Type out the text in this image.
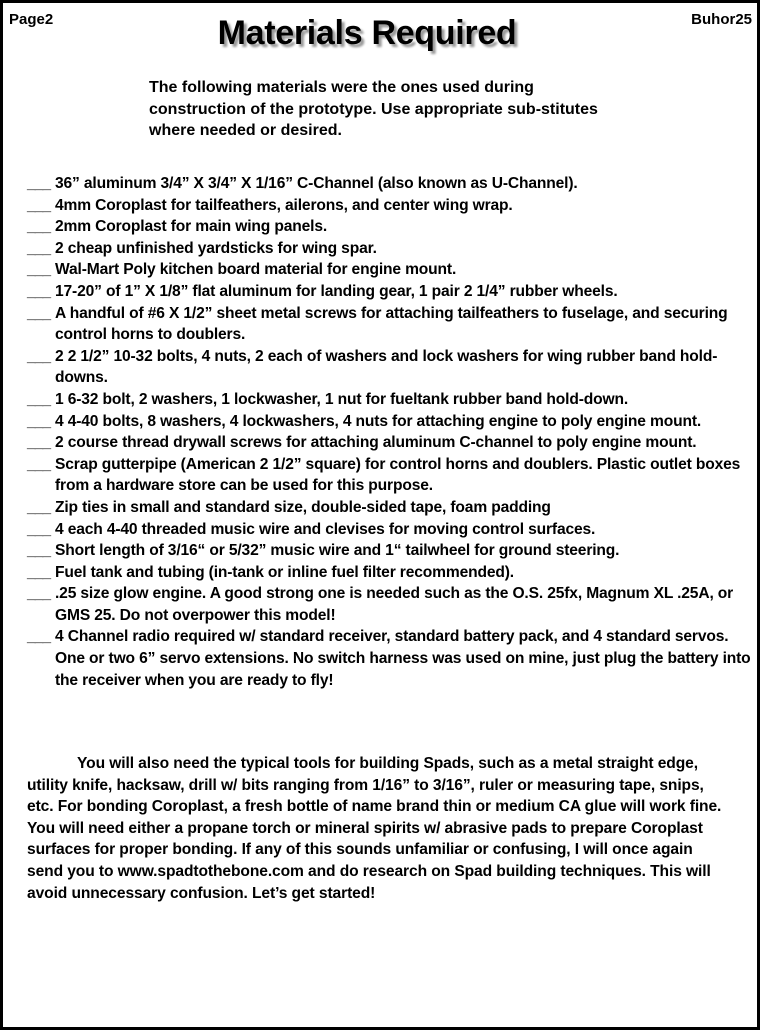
Page2	Materials Required	Buhor25

The following materials were the ones used during construction of the prototype. Use appropriate sub-stitutes where needed or desired.

___ 36” aluminum 3/4” X 3/4” X 1/16” C-Channel (also known as U-Channel).
___ 4mm Coroplast for tailfeathers, ailerons, and center wing wrap.
___ 2mm Coroplast for main wing panels.
___ 2 cheap unfinished yardsticks for wing spar.
___ Wal-Mart Poly kitchen board material for engine mount.
___ 17-20” of 1” X 1/8” flat aluminum for landing gear, 1 pair 2 1/4” rubber wheels.
___ A handful of #6 X 1/2” sheet metal screws for attaching tailfeathers to fuselage, and securing control horns to doublers.
___ 2 2 1/2” 10-32 bolts, 4 nuts, 2 each of washers and lock washers for wing rubber band hold-downs.
___ 1 6-32 bolt, 2 washers, 1 lockwasher, 1 nut for fueltank rubber band hold-down.
___ 4 4-40 bolts, 8 washers, 4 lockwashers, 4 nuts for attaching engine to poly engine mount.
___ 2 course thread drywall screws for attaching aluminum C-channel to poly engine mount.
___ Scrap gutterpipe (American 2 1/2” square) for control horns and doublers. Plastic outlet boxes from a hardware store can be used for this purpose.
___ Zip ties in small and standard size, double-sided tape, foam padding
___ 4 each 4-40 threaded music wire and clevises for moving control surfaces.
___ Short length of 3/16“ or 5/32” music wire and 1“ tailwheel for ground steering.
___ Fuel tank and tubing (in-tank or inline fuel filter recommended).
___ .25 size glow engine. A good strong one is needed such as the O.S. 25fx, Magnum XL .25A, or GMS 25. Do not overpower this model!
___ 4 Channel radio required w/ standard receiver, standard battery pack, and 4 standard servos. One or two 6” servo extensions. No switch harness was used on mine, just plug the battery into the receiver when you are ready to fly!

You will also need the typical tools for building Spads, such as a metal straight edge, utility knife, hacksaw, drill w/ bits ranging from 1/16” to 3/16”, ruler or measuring tape, snips, etc. For bonding Coroplast, a fresh bottle of name brand thin or medium CA glue will work fine. You will need either a propane torch or mineral spirits w/ abrasive pads to prepare Coroplast surfaces for proper bonding. If any of this sounds unfamiliar or confusing, I will once again send you to www.spadtothebone.com and do research on Spad building techniques. This will avoid unnecessary confusion. Let’s get started!
